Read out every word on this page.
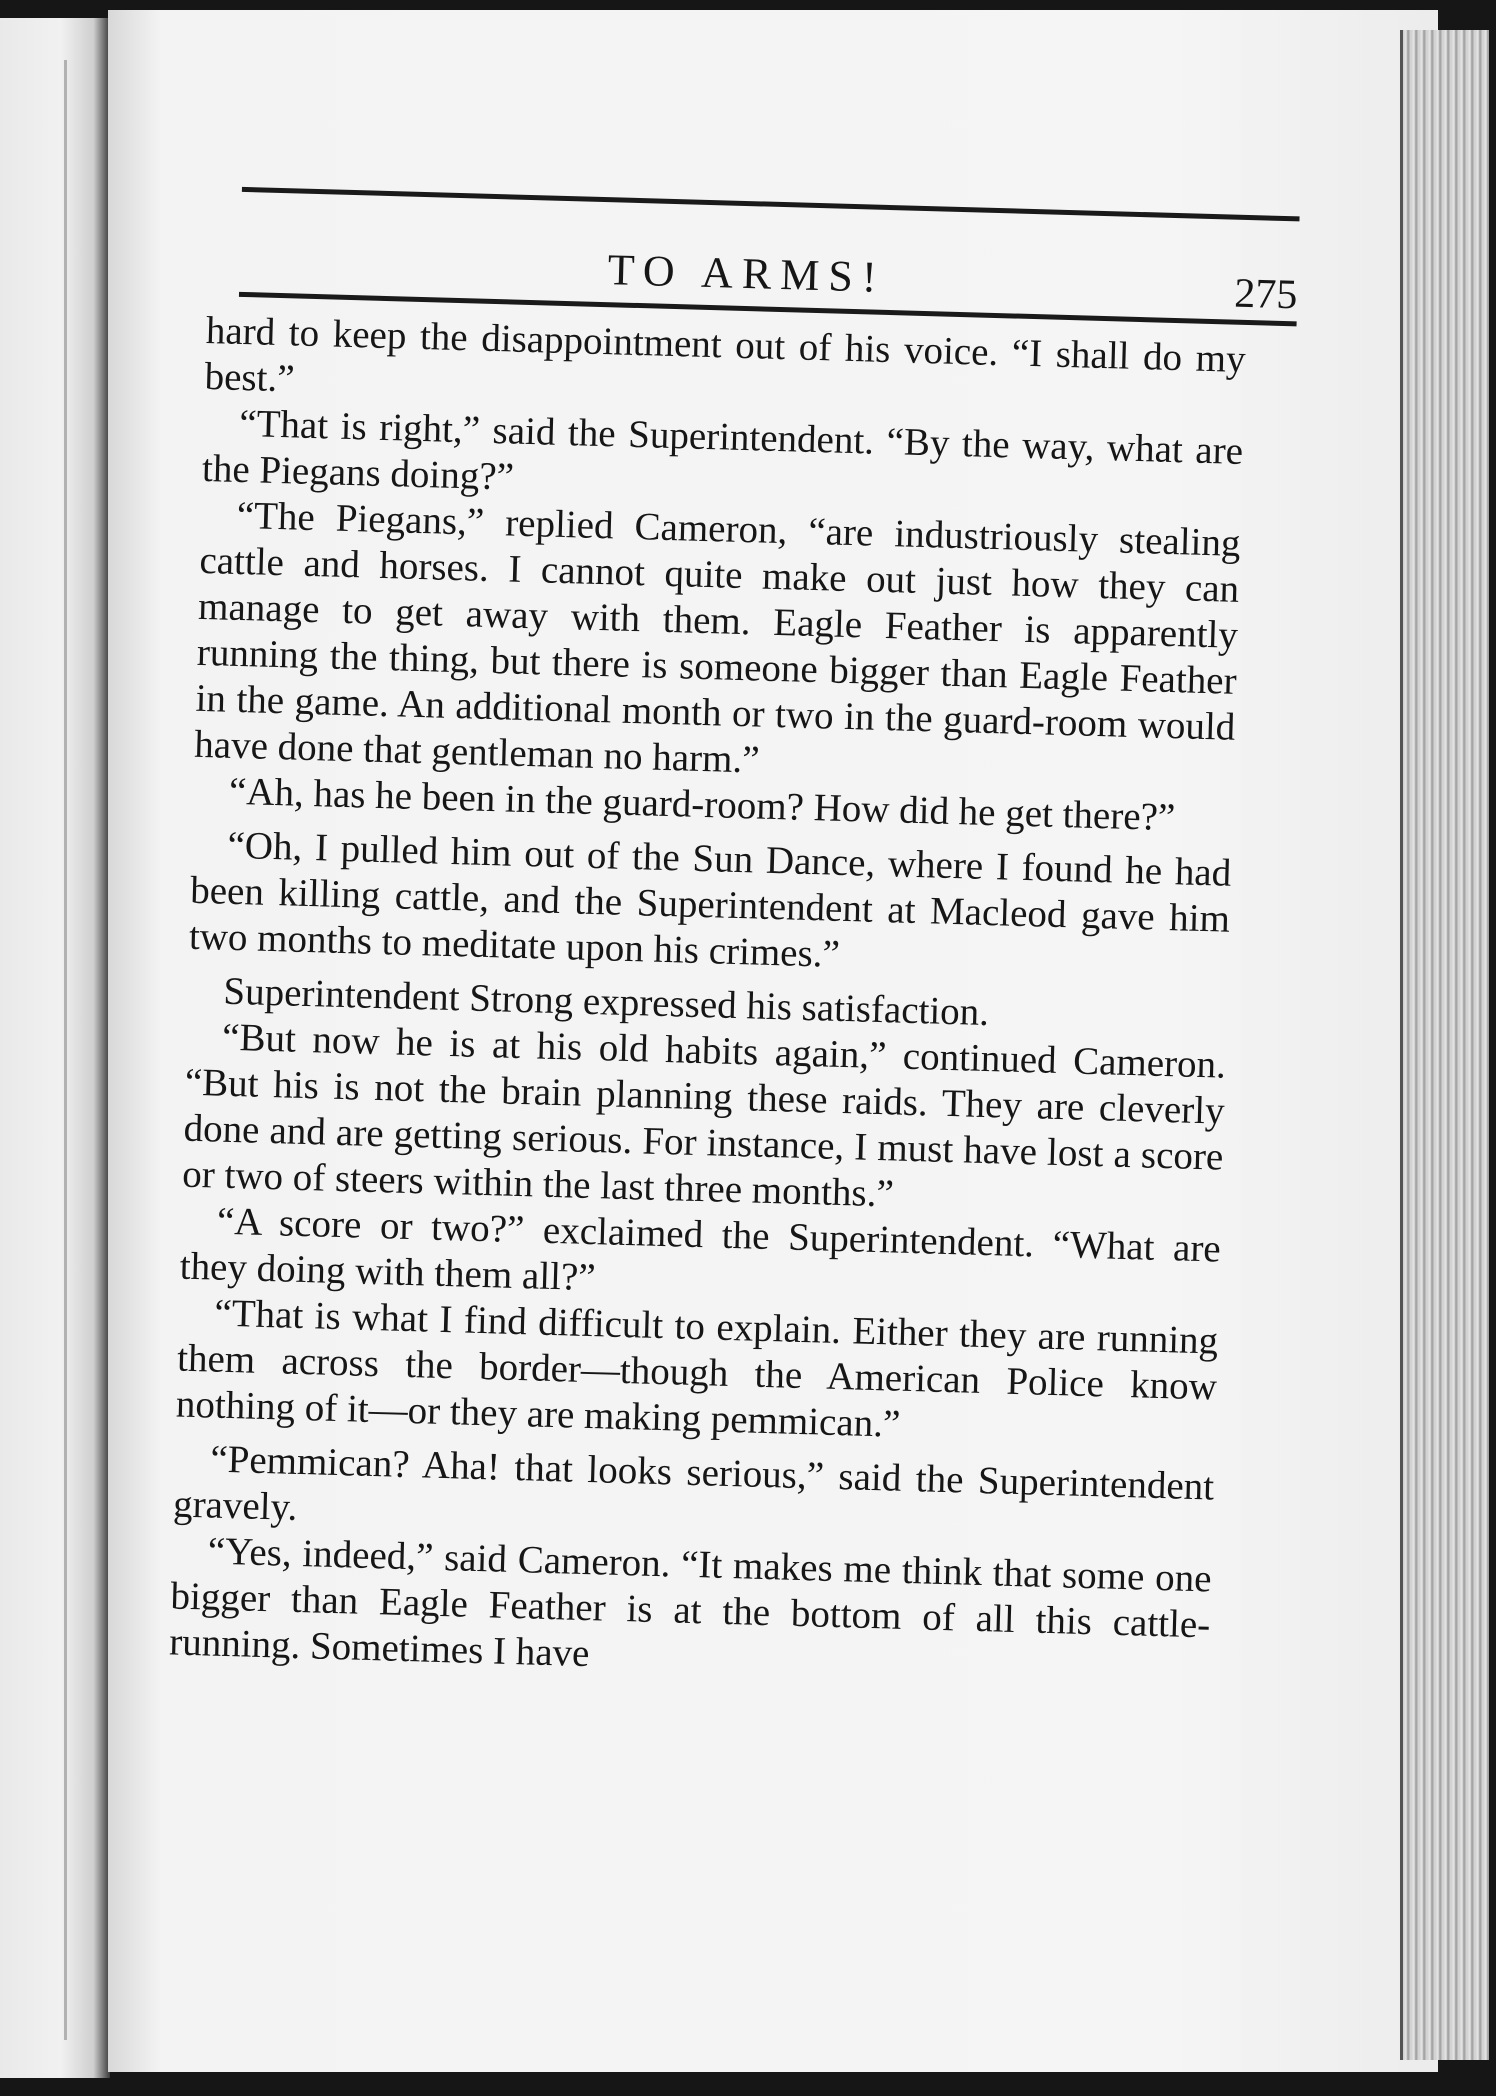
TO ARMS!	275

hard to keep the disappointment out of his voice. “I shall do my best.”

“That is right,” said the Superintendent. “By the way, what are the Piegans doing?”

“The Piegans,” replied Cameron, “are industriously stealing cattle and horses. I cannot quite make out just how they can manage to get away with them. Eagle Feather is apparently running the thing, but there is someone bigger than Eagle Feather in the game. An additional month or two in the guard-room would have done that gentleman no harm.”

“Ah, has he been in the guard-room? How did he get there?”

“Oh, I pulled him out of the Sun Dance, where I found he had been killing cattle, and the Superintendent at Macleod gave him two months to meditate upon his crimes.”

Superintendent Strong expressed his satisfaction.

“But now he is at his old habits again,” continued Cameron. “But his is not the brain planning these raids. They are cleverly done and are getting serious. For instance, I must have lost a score or two of steers within the last three months.”

“A score or two?” exclaimed the Superintendent. “What are they doing with them all?”

“That is what I find difficult to explain. Either they are running them across the border—though the American Police know nothing of it—or they are making pemmican.”

“Pemmican? Aha! that looks serious,” said the Superintendent gravely.

“Yes, indeed,” said Cameron. “It makes me think that some one bigger than Eagle Feather is at the bottom of all this cattle-running. Sometimes I have
